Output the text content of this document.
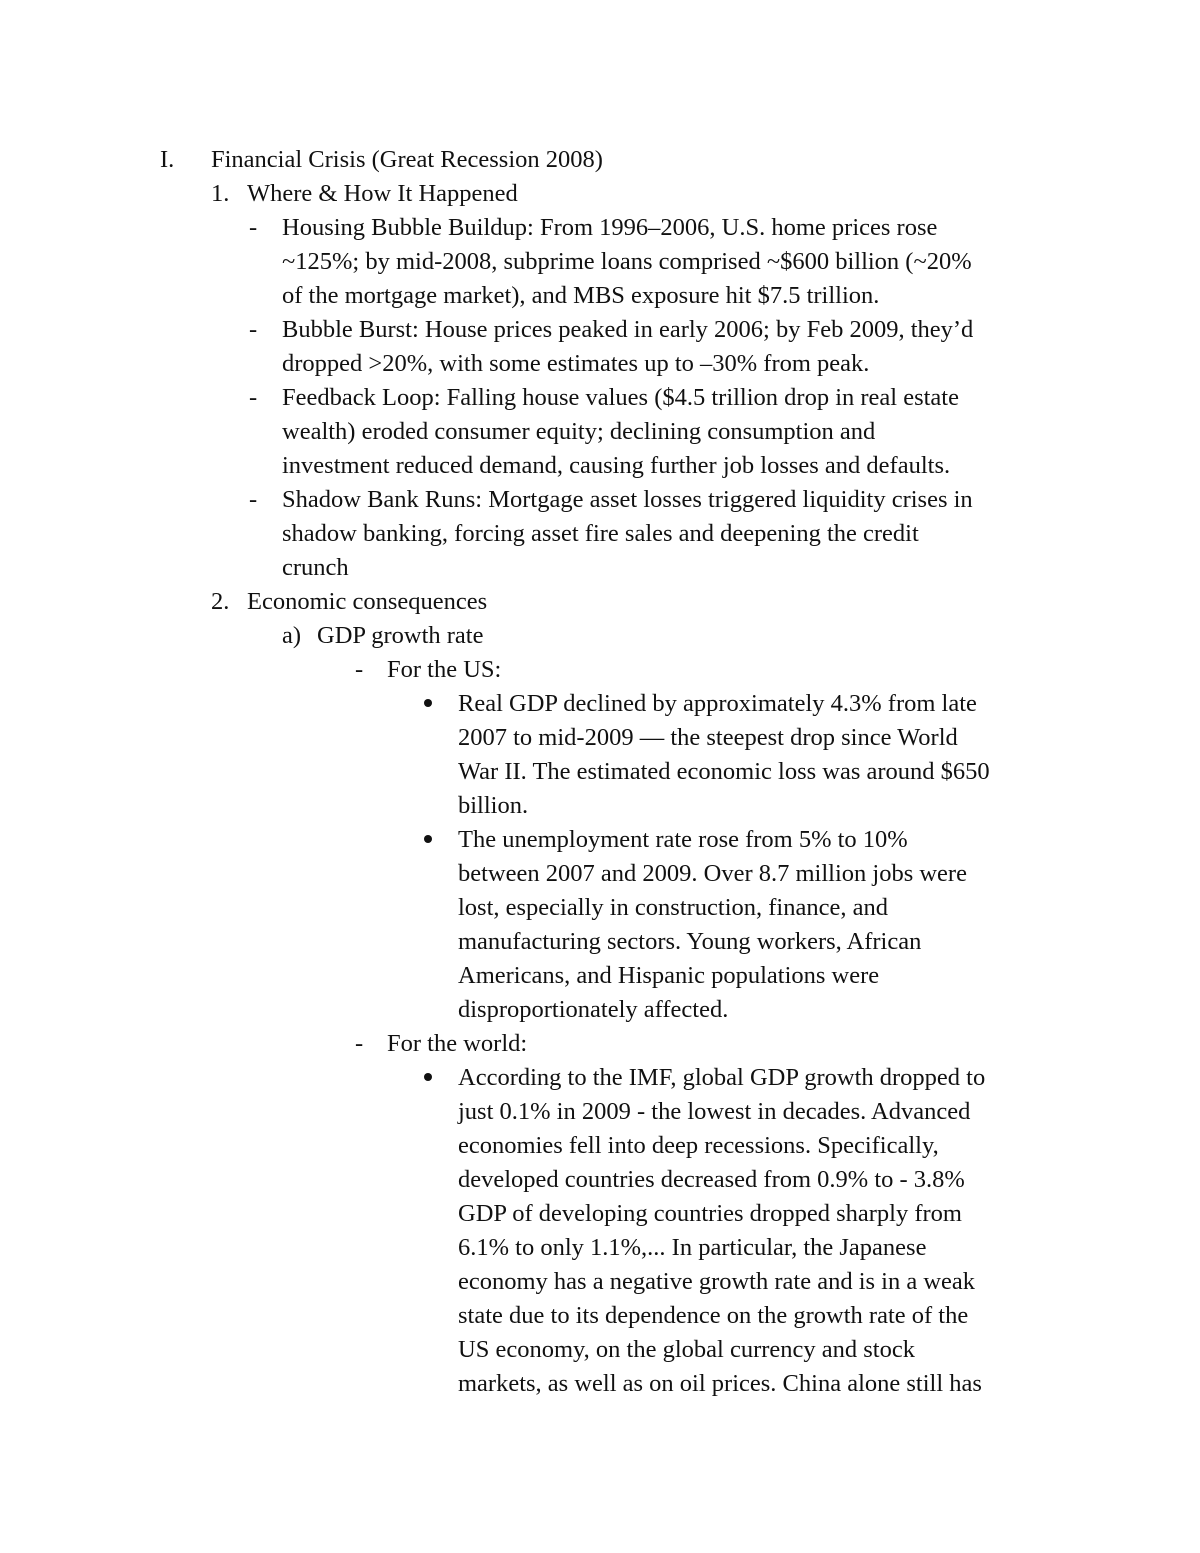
I. Financial Crisis (Great Recession 2008)
1. Where & How It Happened
- Housing Bubble Buildup: From 1996–2006, U.S. home prices rose
~125%; by mid-2008, subprime loans comprised ~$600 billion (~20%
of the mortgage market), and MBS exposure hit $7.5 trillion.
- Bubble Burst: House prices peaked in early 2006; by Feb 2009, they’d
dropped >20%, with some estimates up to –30% from peak.
- Feedback Loop: Falling house values ($4.5 trillion drop in real estate
wealth) eroded consumer equity; declining consumption and
investment reduced demand, causing further job losses and defaults.
- Shadow Bank Runs: Mortgage asset losses triggered liquidity crises in
shadow banking, forcing asset fire sales and deepening the credit
crunch
2. Economic consequences
a) GDP growth rate
- For the US:
Real GDP declined by approximately 4.3% from late
2007 to mid-2009 — the steepest drop since World
War II. The estimated economic loss was around $650
billion.
The unemployment rate rose from 5% to 10%
between 2007 and 2009. Over 8.7 million jobs were
lost, especially in construction, finance, and
manufacturing sectors. Young workers, African
Americans, and Hispanic populations were
disproportionately affected.
- For the world:
According to the IMF, global GDP growth dropped to
just 0.1% in 2009 - the lowest in decades. Advanced
economies fell into deep recessions. Specifically,
developed countries decreased from 0.9% to - 3.8%
GDP of developing countries dropped sharply from
6.1% to only 1.1%,... In particular, the Japanese
economy has a negative growth rate and is in a weak
state due to its dependence on the growth rate of the
US economy, on the global currency and stock
markets, as well as on oil prices. China alone still has
